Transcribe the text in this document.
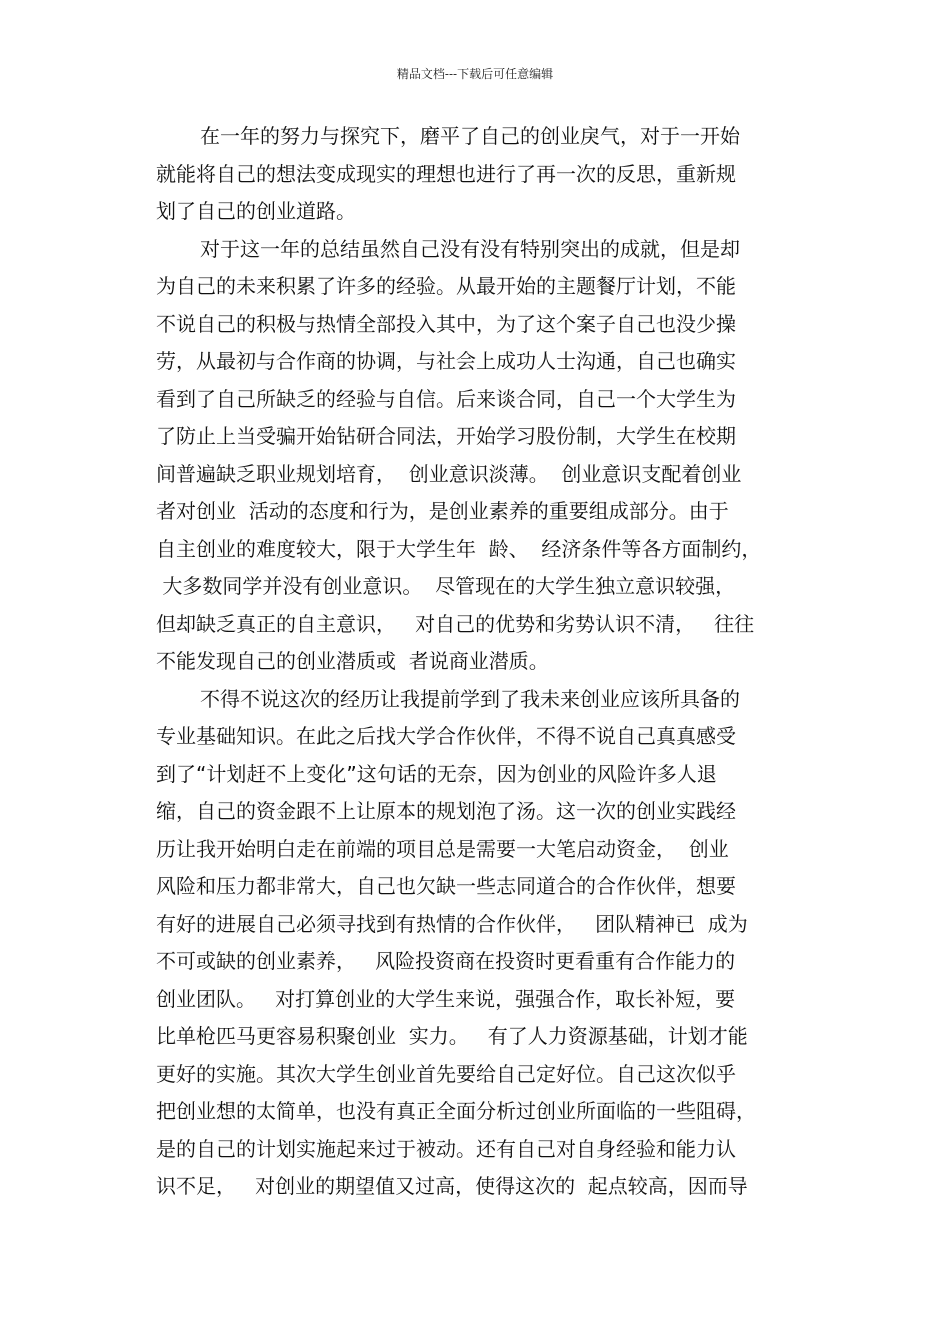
精品文档---下载后可任意编辑
在一年的努力与探究下，磨平了自己的创业戾气，对于一开始
就能将自己的想法变成现实的理想也进行了再一次的反思，重新规
划了自己的创业道路。
对于这一年的总结虽然自己没有没有特别突出的成就，但是却
为自己的未来积累了许多的经验。从最开始的主题餐厅计划，不能
不说自己的积极与热情全部投入其中，为了这个案子自己也没少操
劳，从最初与合作商的协调，与社会上成功人士沟通，自己也确实
看到了自己所缺乏的经验与自信。后来谈合同，自己一个大学生为
了防止上当受骗开始钻研合同法，开始学习股份制，大学生在校期
间普遍缺乏职业规划培育，  创业意识淡薄。  创业意识支配着创业
者对创业  活动的态度和行为，是创业素养的重要组成部分。由于
自主创业的难度较大，限于大学生年  龄、  经济条件等各方面制约，
大多数同学并没有创业意识。  尽管现在的大学生独立意识较强，
但却缺乏真正的自主意识，   对自己的优势和劣势认识不清，   往往
不能发现自己的创业潜质或  者说商业潜质。
不得不说这次的经历让我提前学到了我未来创业应该所具备的
专业基础知识。在此之后找大学合作伙伴，不得不说自己真真感受
到了“计划赶不上变化”这句话的无奈，因为创业的风险许多人退
缩，自己的资金跟不上让原本的规划泡了汤。这一次的创业实践经
历让我开始明白走在前端的项目总是需要一大笔启动资金，  创业
风险和压力都非常大，自己也欠缺一些志同道合的合作伙伴，想要
有好的进展自己必须寻找到有热情的合作伙伴，   团队精神已  成为
不可或缺的创业素养，   风险投资商在投资时更看重有合作能力的
创业团队。   对打算创业的大学生来说，强强合作，取长补短，要
比单枪匹马更容易积聚创业  实力。   有了人力资源基础，计划才能
更好的实施。其次大学生创业首先要给自己定好位。自己这次似乎
把创业想的太简单，也没有真正全面分析过创业所面临的一些阻碍，
是的自己的计划实施起来过于被动。还有自己对自身经验和能力认
识不足，   对创业的期望值又过高，使得这次的  起点较高，因而导
